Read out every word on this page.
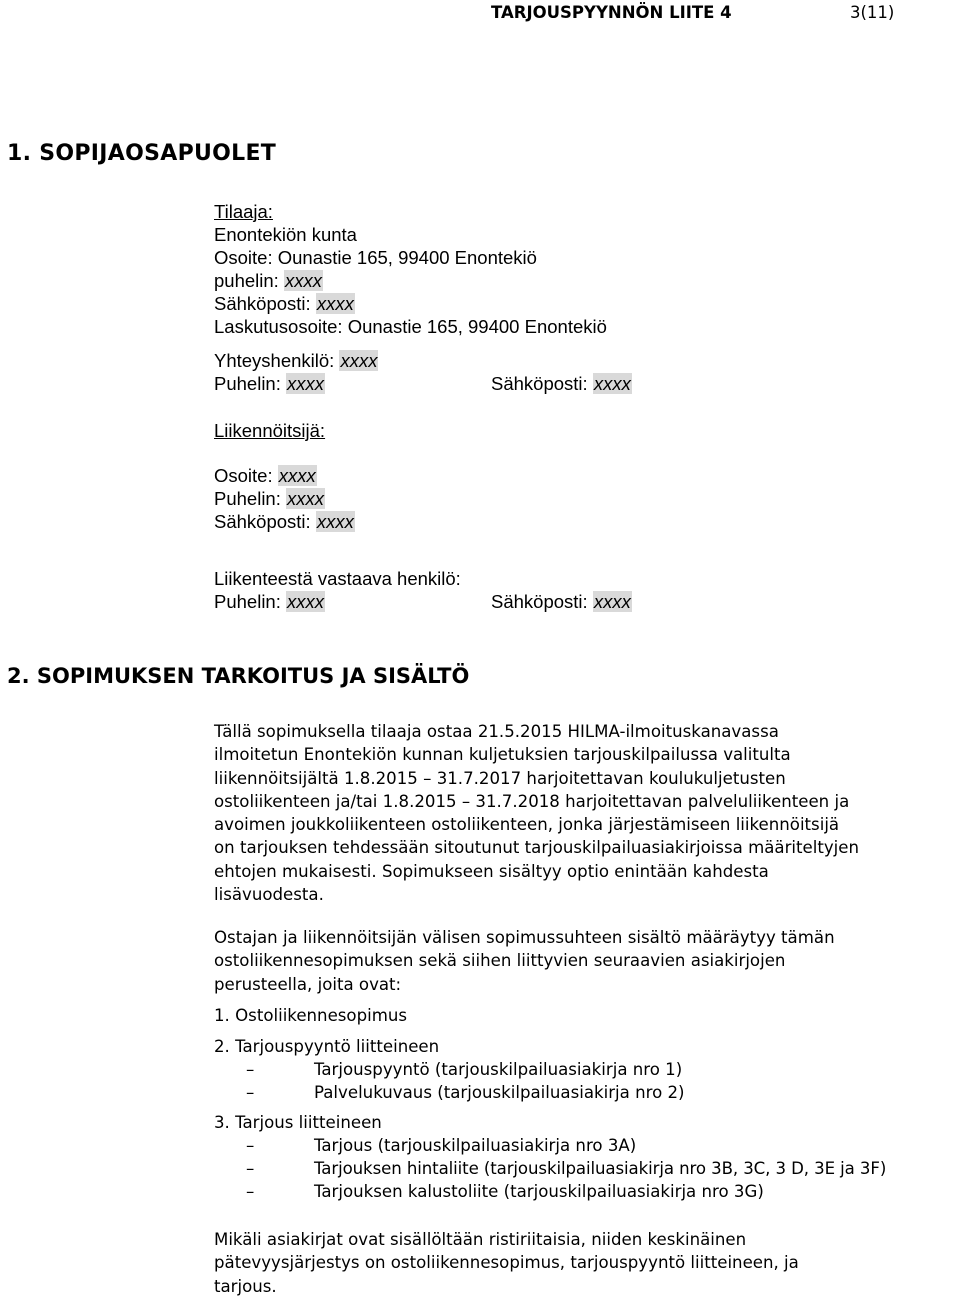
TARJOUSPYYNNÖN LIITE 4	3(11)
1. SOPIJAOSAPUOLET
Tilaaja:
Enontekiön kunta
Osoite: Ounastie 165, 99400 Enontekiö
puhelin: xxxx
Sähköposti: xxxx
Laskutusosoite: Ounastie 165, 99400 Enontekiö
Yhteyshenkilö: xxxx
Puhelin: xxxx	Sähköposti: xxxx
Liikennöitsijä:
Osoite: xxxx
Puhelin: xxxx
Sähköposti: xxxx
Liikenteestä vastaava henkilö:
Puhelin: xxxx	Sähköposti: xxxx
2. SOPIMUKSEN TARKOITUS JA SISÄLTÖ
Tällä sopimuksella tilaaja ostaa 21.5.2015 HILMA-ilmoituskanavassa
ilmoitetun Enontekiön kunnan kuljetuksien tarjouskilpailussa valitulta
liikennöitsijältä 1.8.2015 – 31.7.2017 harjoitettavan koulukuljetusten
ostoliikenteen ja/tai 1.8.2015 – 31.7.2018 harjoitettavan palveluliikenteen ja
avoimen joukkoliikenteen ostoliikenteen, jonka järjestämiseen liikennöitsijä
on tarjouksen tehdessään sitoutunut tarjouskilpailuasiakirjoissa määriteltyjen
ehtojen mukaisesti. Sopimukseen sisältyy optio enintään kahdesta
lisävuodesta.
Ostajan ja liikennöitsijän välisen sopimussuhteen sisältö määräytyy tämän
ostoliikennesopimuksen sekä siihen liittyvien seuraavien asiakirjojen
perusteella, joita ovat:
1. Ostoliikennesopimus
2. Tarjouspyyntö liitteineen
–	Tarjouspyyntö (tarjouskilpailuasiakirja nro 1)
–	Palvelukuvaus (tarjouskilpailuasiakirja nro 2)
3. Tarjous liitteineen
–	Tarjous (tarjouskilpailuasiakirja nro 3A)
–	Tarjouksen hintaliite (tarjouskilpailuasiakirja nro 3B, 3C, 3 D, 3E ja 3F)
–	Tarjouksen kalustoliite (tarjouskilpailuasiakirja nro 3G)
Mikäli asiakirjat ovat sisällöltään ristiriitaisia, niiden keskinäinen
pätevyysjärjestys on ostoliikennesopimus, tarjouspyyntö liitteineen, ja
tarjous.
